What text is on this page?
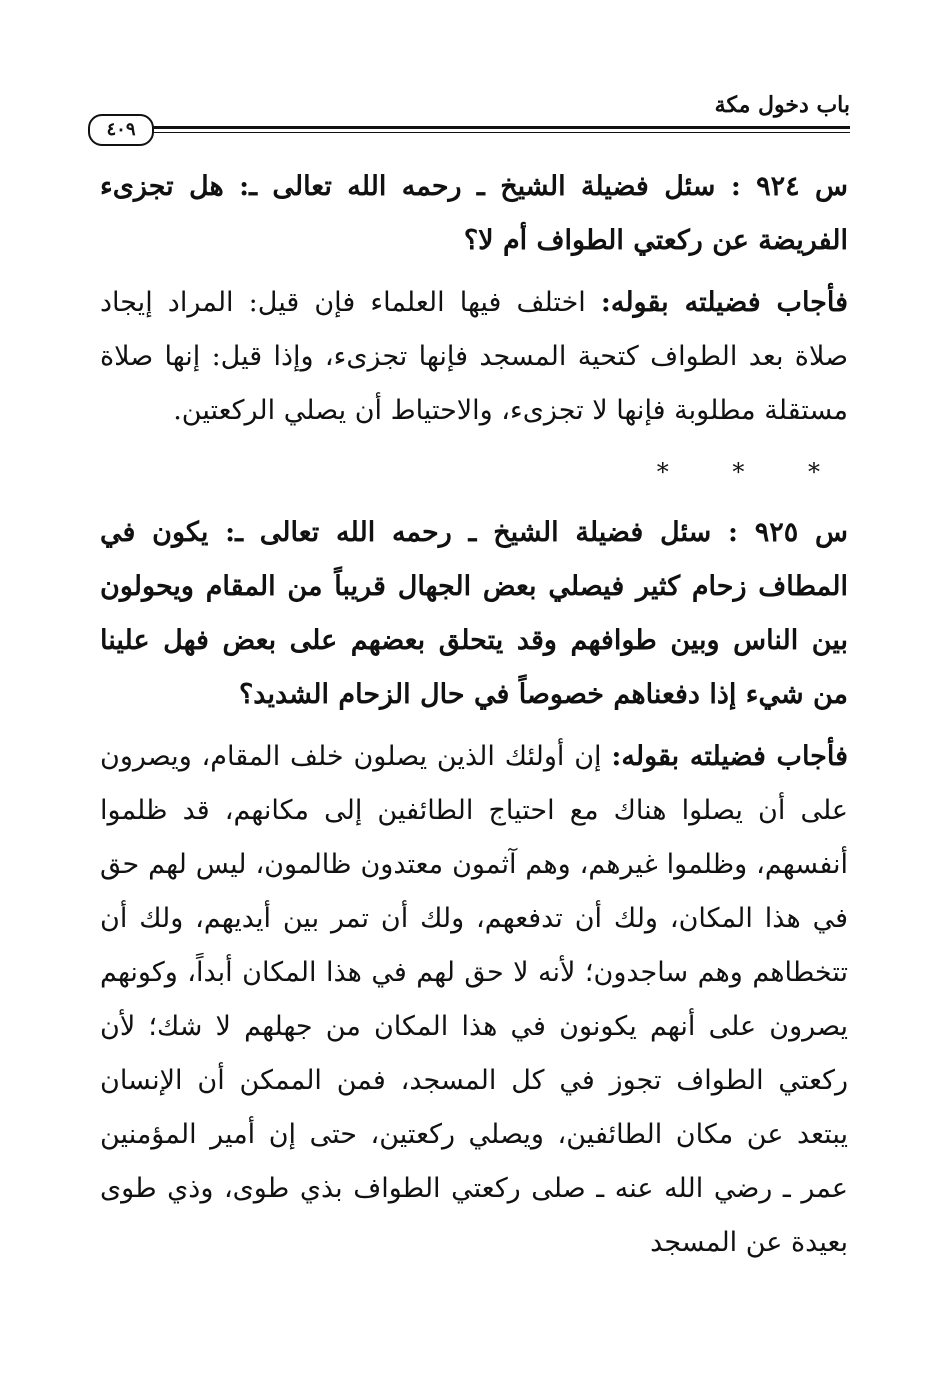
باب دخول مكة
٤٠٩

س ٩٢٤ : سئل فضيلة الشيخ ـ رحمه الله تعالى ـ: هل تجزىء الفريضة عن ركعتي الطواف أم لا؟

فأجاب فضيلته بقوله: اختلف فيها العلماء فإن قيل: المراد إيجاد صلاة بعد الطواف كتحية المسجد فإنها تجزىء، وإذا قيل: إنها صلاة مستقلة مطلوبة فإنها لا تجزىء، والاحتياط أن يصلي الركعتين.

* * *

س ٩٢٥ : سئل فضيلة الشيخ ـ رحمه الله تعالى ـ: يكون في المطاف زحام كثير فيصلي بعض الجهال قريباً من المقام ويحولون بين الناس وبين طوافهم وقد يتحلق بعضهم على بعض فهل علينا من شيء إذا دفعناهم خصوصاً في حال الزحام الشديد؟

فأجاب فضيلته بقوله: إن أولئك الذين يصلون خلف المقام، ويصرون على أن يصلوا هناك مع احتياج الطائفين إلى مكانهم، قد ظلموا أنفسهم، وظلموا غيرهم، وهم آثمون معتدون ظالمون، ليس لهم حق في هذا المكان، ولك أن تدفعهم، ولك أن تمر بين أيديهم، ولك أن تتخطاهم وهم ساجدون؛ لأنه لا حق لهم في هذا المكان أبداً، وكونهم يصرون على أنهم يكونون في هذا المكان من جهلهم لا شك؛ لأن ركعتي الطواف تجوز في كل المسجد، فمن الممكن أن الإنسان يبتعد عن مكان الطائفين، ويصلي ركعتين، حتى إن أمير المؤمنين عمر ـ رضي الله عنه ـ صلى ركعتي الطواف بذي طوى، وذي طوى بعيدة عن المسجد
